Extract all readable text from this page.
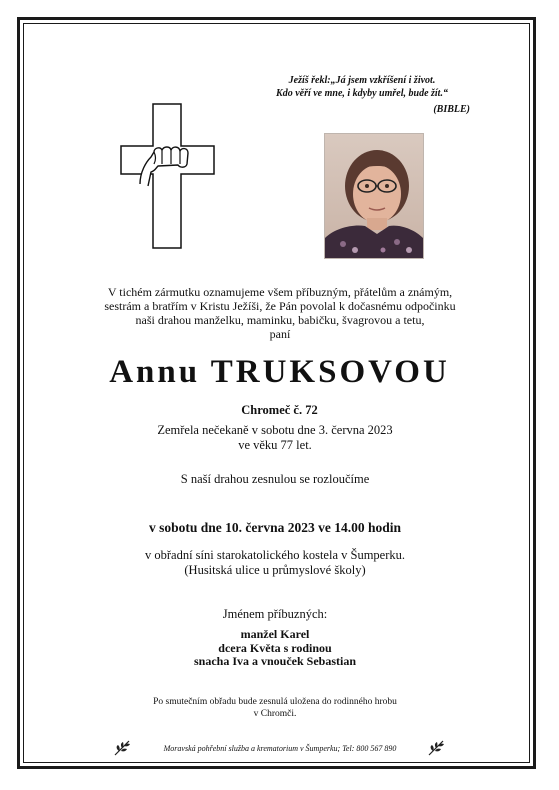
Ježíš řekl:„Já jsem vzkříšení i život.
Kdo věří ve mne, i kdyby umřel, bude žít.“
(BIBLE)
V tichém zármutku oznamujeme všem příbuzným, přátelům a známým,
sestrám a bratřím v Kristu Ježíši, že Pán povolal k dočasnému odpočinku
naši drahou manželku, maminku, babičku, švagrovou a tetu,
paní
Annu TRUKSOVOU
Chromeč č. 72
Zemřela nečekaně v sobotu dne 3. června 2023
ve věku 77 let.
S naší drahou zesnulou se rozloučíme
v sobotu dne 10. června 2023 ve 14.00 hodin
v obřadní síni starokatolického kostela v Šumperku.
(Husitská ulice u průmyslové školy)
Jménem příbuzných:
manžel Karel
dcera Květa s rodinou
snacha Iva a vnouček Sebastian
Po smutečním obřadu bude zesnulá uložena do rodinného hrobu
v Chromči.
Moravská pohřební služba a krematorium v Šumperku; Tel: 800 567 890
